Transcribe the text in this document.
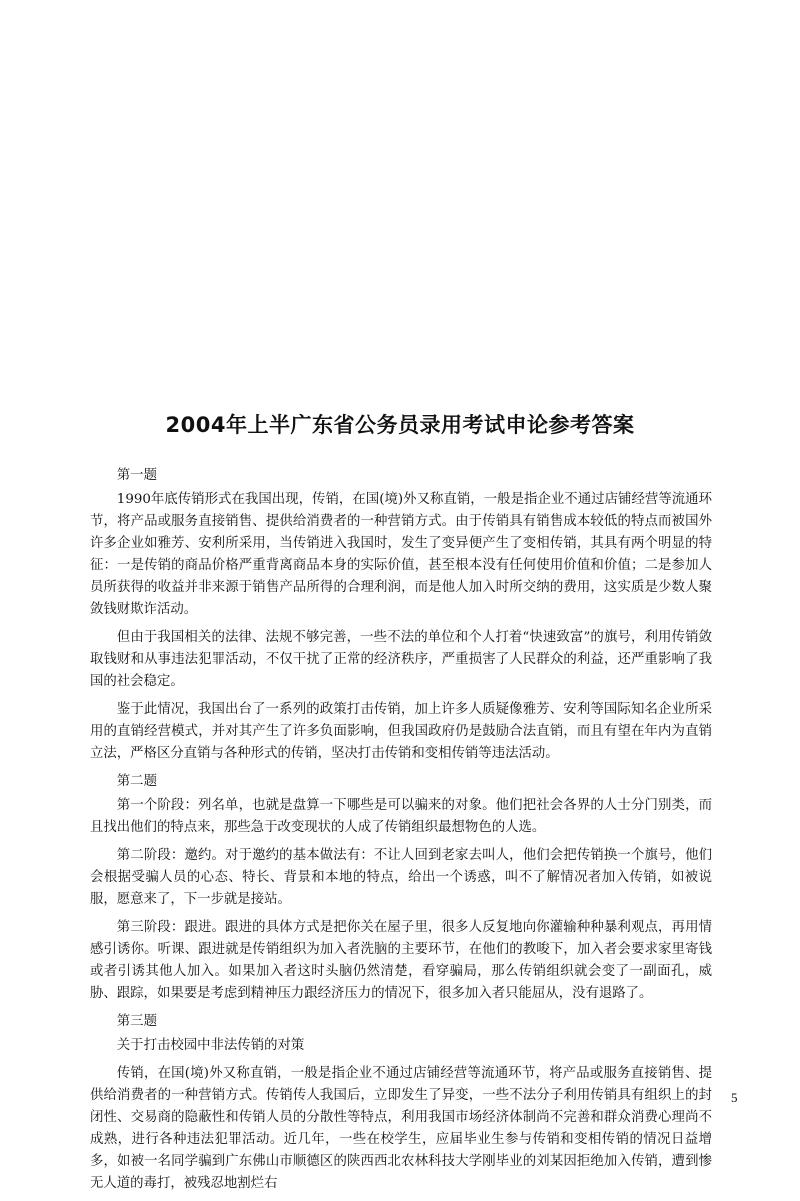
2004年上半广东省公务员录用考试申论参考答案

第一题

1990年底传销形式在我国出现，传销，在国(境)外又称直销，一般是指企业不通过店铺经营等流通环节，将产品或服务直接销售、提供给消费者的一种营销方式。由于传销具有销售成本较低的特点而被国外许多企业如雅芳、安利所采用，当传销进入我国时，发生了变异便产生了变相传销，其具有两个明显的特征：一是传销的商品价格严重背离商品本身的实际价值，甚至根本没有任何使用价值和价值；二是参加人员所获得的收益并非来源于销售产品所得的合理利润，而是他人加入时所交纳的费用，这实质是少数人聚敛钱财欺诈活动。

但由于我国相关的法律、法规不够完善，一些不法的单位和个人打着“快速致富”的旗号，利用传销敛取钱财和从事违法犯罪活动，不仅干扰了正常的经济秩序，严重损害了人民群众的利益，还严重影响了我国的社会稳定。

鉴于此情况，我国出台了一系列的政策打击传销，加上许多人质疑像雅芳、安利等国际知名企业所采用的直销经营模式，并对其产生了许多负面影响，但我国政府仍是鼓励合法直销，而且有望在年内为直销立法，严格区分直销与各种形式的传销，坚决打击传销和变相传销等违法活动。

第二题

第一个阶段：列名单，也就是盘算一下哪些是可以骗来的对象。他们把社会各界的人士分门别类，而且找出他们的特点来，那些急于改变现状的人成了传销组织最想物色的人选。

第二阶段：邀约。对于邀约的基本做法有：不让人回到老家去叫人，他们会把传销换一个旗号，他们会根据受骗人员的心态、特长、背景和本地的特点，给出一个诱惑，叫不了解情况者加入传销，如被说服，愿意来了，下一步就是接站。

第三阶段：跟进。跟进的具体方式是把你关在屋子里，很多人反复地向你灌输种种暴利观点，再用情感引诱你。听课、跟进就是传销组织为加入者洗脑的主要环节，在他们的教唆下，加入者会要求家里寄钱或者引诱其他人加入。如果加入者这时头脑仍然清楚，看穿骗局，那么传销组织就会变了一副面孔，威胁、跟踪，如果要是考虑到精神压力跟经济压力的情况下，很多加入者只能屈从，没有退路了。

第三题

关于打击校园中非法传销的对策

传销，在国(境)外又称直销，一般是指企业不通过店铺经营等流通环节，将产品或服务直接销售、提供给消费者的一种营销方式。传销传人我国后，立即发生了异变，一些不法分子利用传销具有组织上的封闭性、交易商的隐蔽性和传销人员的分散性等特点，利用我国市场经济体制尚不完善和群众消费心理尚不成熟，进行各种违法犯罪活动。近几年，一些在校学生，应届毕业生参与传销和变相传销的情况日益增多，如被一名同学骗到广东佛山市顺德区的陕西西北农林科技大学刚毕业的刘某因拒绝加入传销，遭到惨无人道的毒打，被残忍地割烂右

5
